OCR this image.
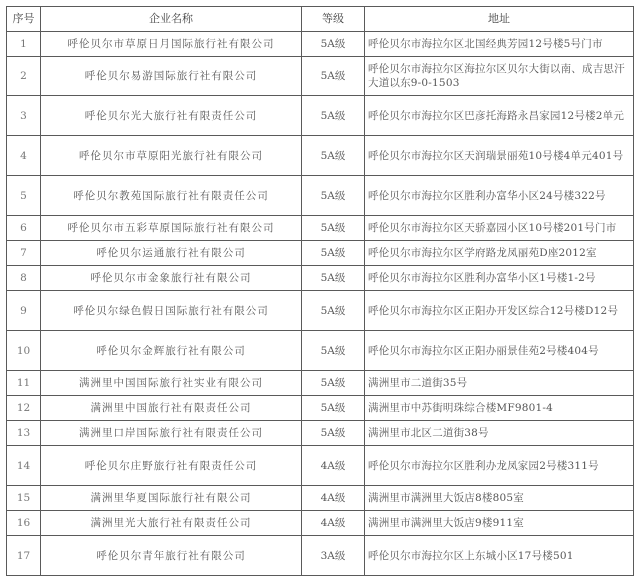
序号	企业名称	等级	地址
1	呼伦贝尔市草原日月国际旅行社有限公司	5A级	呼伦贝尔市海拉尔区北国经典芳园12号楼5号门市
2	呼伦贝尔易游国际旅行社有限公司	5A级	呼伦贝尔市海拉尔区海拉尔区贝尔大街以南、成吉思汗大道以东9-0-1503
3	呼伦贝尔光大旅行社有限责任公司	5A级	呼伦贝尔市海拉尔区巴彦托海路永昌家园12号楼2单元
4	呼伦贝尔市草原阳光旅行社有限公司	5A级	呼伦贝尔市海拉尔区天润瑞景丽苑10号楼4单元401号
5	呼伦贝尔教苑国际旅行社有限责任公司	5A级	呼伦贝尔市海拉尔区胜利办富华小区24号楼322号
6	呼伦贝尔市五彩草原国际旅行社有限公司	5A级	呼伦贝尔市海拉尔区天骄嘉园小区10号楼201号门市
7	呼伦贝尔运通旅行社有限公司	5A级	呼伦贝尔市海拉尔区学府路龙凤丽苑D座2012室
8	呼伦贝尔市金象旅行社有限公司	5A级	呼伦贝尔市海拉尔区胜利办富华小区1号楼1-2号
9	呼伦贝尔绿色假日国际旅行社有限公司	5A级	呼伦贝尔市海拉尔区正阳办开发区综合12号楼D12号
10	呼伦贝尔金辉旅行社有限公司	5A级	呼伦贝尔市海拉尔区正阳办丽景佳苑2号楼404号
11	满洲里中国国际旅行社实业有限公司	5A级	满洲里市二道街35号
12	满洲里中国旅行社有限责任公司	5A级	满洲里市中苏街明珠综合楼MF9801-4
13	满洲里口岸国际旅行社有限责任公司	5A级	满洲里市北区二道街38号
14	呼伦贝尔庄野旅行社有限责任公司	4A级	呼伦贝尔市海拉尔区胜利办龙凤家园2号楼311号
15	满洲里华夏国际旅行社有限公司	4A级	满洲里市满洲里大饭店8楼805室
16	满洲里光大旅行社有限责任公司	4A级	满洲里市满洲里大饭店9楼911室
17	呼伦贝尔青年旅行社有限公司	3A级	呼伦贝尔市海拉尔区上东城小区17号楼501
